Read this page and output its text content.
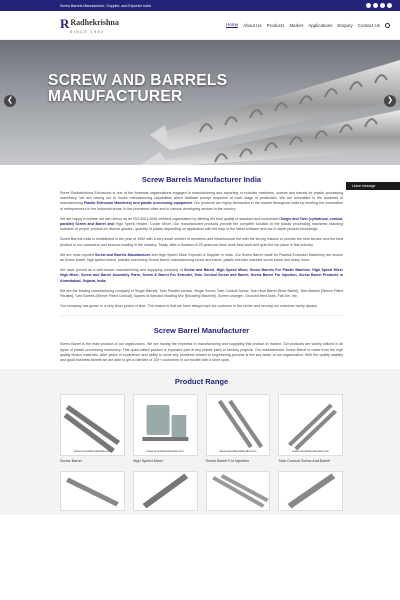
Screw Barrels Manufacturer, Supplier, and Exporter India
R Radhekrishna
SINCE 1992
Home About Us Products Market Applications Enquiry Contact Us
SCREW AND BARRELS
MANUFACTURER
❮	❯
Leave message
Screw Barrels Manufacturer India

Shree Radhekrishna Extrusions is one of the foremost organizations engaged in manufacturing and exporting of extruder machines, screws and barrels for plastic processing machinery. We are having our in house manufacturing capabilities which facilitate prompt response at each stage of production. We are committed in the business of manufacturing Plastic Extrusion Machinery and plastic processing equipment. Our products are highly demanded in the market throughout India by meeting the necessities of entrepreneurs in the industrial areas, in the prominent cities and in various developing sectors in the country.

We are happy to initiate our own venue as an ISO 9001:2008 certified organization by offering the best quality of standard and customized Single and Twin (cylindrical, conical, parallel) Screw and Barrel and High Speed Heater- Cooler Mixer. Our manufactured products provide the complete solution to the plastic processing machines including selection of proper product for diverse grades / quantity of plastic depending on application with the help of the latest software and our in depth product knowledge.

Screw Barrels India is established in the year of 1992 with a very small number of members and infrastructure but with the strong mission to provide the best service and the best product to our customers and become leading in the industry. Today, after a duration of 25 years we have done best work and grab the top place in this industry.

We are most reputed Screw and Barrels Manufacturer and High Speed Mixer Exporter & Supplier in India. Our Screw Barrel made for Plastics Extrusion Machinery are known as Screw barrel, high speed mixers, plastics machinery Screw Barrel, manufacturing screw and barrel, plastic extruder machine screw barrel and many more.

We have proved as a well-known manufacturing and supplying company of Screw and Barrel, High Speed Mixer, Screw Barrels For Plastic Machine, High Speed Mixer High Mixer, Screw and Barrel Assembly Parts, Screw & Barrel For Extruder, Twin Conical Screw and Barrel, Screw Barrel For Injection, Screw Barrel Products in Ahmedabad, Gujarat, India.

We are the leading manufacturing company of Single Barrels, Twin Parallel screws, Single Screw, Twin Conical Screw, Twin Hole Barrel [Rear Barrel], Twin Barrels [Sleeve Fitted Parallel], Twin Barrels [Sleeve Fitted Conical], Spares of Injection Molding M/c [Moulding Machine], Screen changer, Grooved feed bush, Flat Die, etc.

Our company has grown in a very short period of time. The reason is that we have always kept our customer in the center and serving our customer nicely always.

Screw Barrel Manufacturer

Screw Barrel is the main product of our organization. We are having the expertise in manufacturing and supplying this product in market. Our products are widely utilized in all types of plastic processing machinery. This quick-witted product is expected part of any plastic plant or turnkey projects. Our manufactured Screw Barrel is made from the high quality Mosco materials. After years of experience and ability to solve any problems related to engineering process is the key factor of our organization. With the quality stability and good business beliefs we are able to get a clientele of 100+ customers in our bucket with a short span.

Product Range
www.screwbarrelsindia.com
Screw Barrel
www.screwbarrelsindia.com
High Speed Mixer
www.screwbarrelsindia.com
Screw Barrel For Injection
www.screwbarrelsindia.com
Twin Conical Screw And Barrel
